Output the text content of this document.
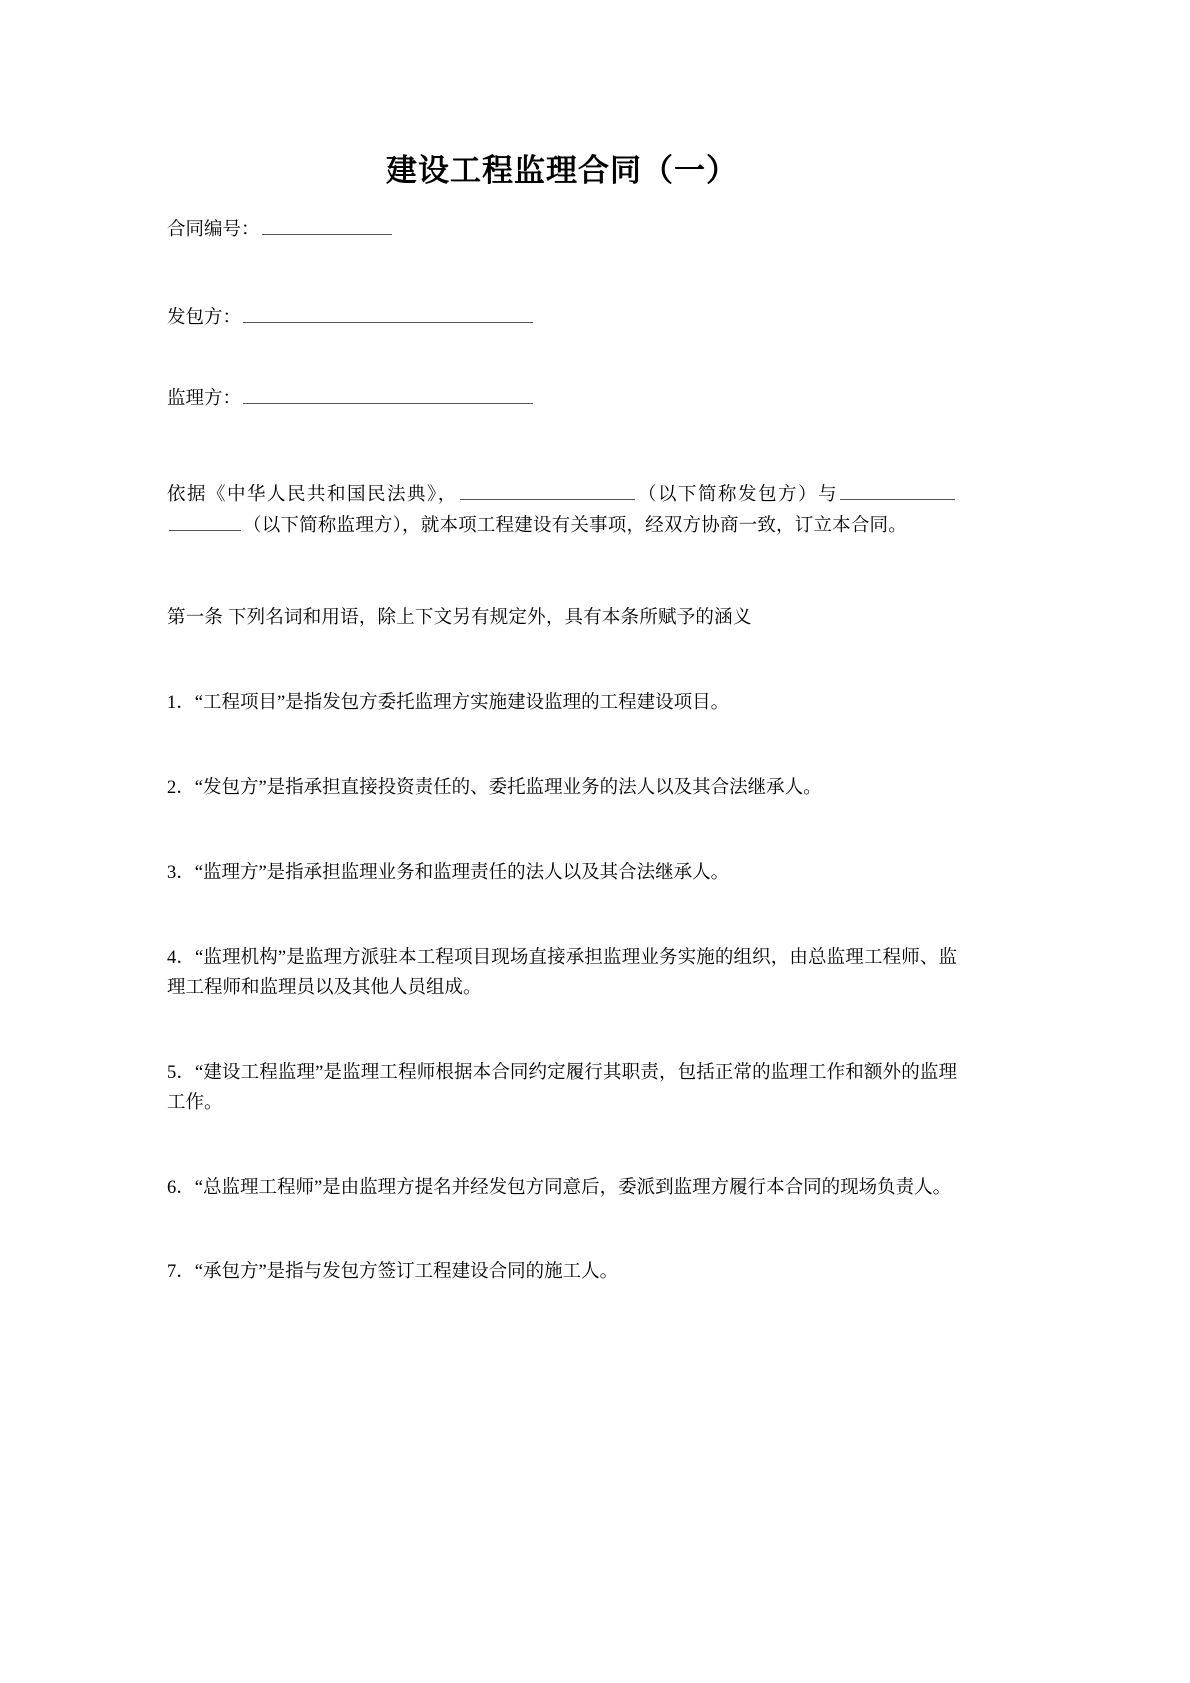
建设工程监理合同（一）

合同编号：

发包方：

监理方：

依据《中华人民共和国民法典》，	（以下简称发包方）与（以下简称监理方），就本项工程建设有关事项，经双方协商一致，订立本合同。

第一条 下列名词和用语，除上下文另有规定外，具有本条所赋予的涵义

1．“工程项目”是指发包方委托监理方实施建设监理的工程建设项目。

2．“发包方”是指承担直接投资责任的、委托监理业务的法人以及其合法继承人。

3．“监理方”是指承担监理业务和监理责任的法人以及其合法继承人。

4．“监理机构”是监理方派驻本工程项目现场直接承担监理业务实施的组织，由总监理工程师、监理工程师和监理员以及其他人员组成。

5．“建设工程监理”是监理工程师根据本合同约定履行其职责，包括正常的监理工作和额外的监理工作。

6．“总监理工程师”是由监理方提名并经发包方同意后，委派到监理方履行本合同的现场负责人。

7．“承包方”是指与发包方签订工程建设合同的施工人。
